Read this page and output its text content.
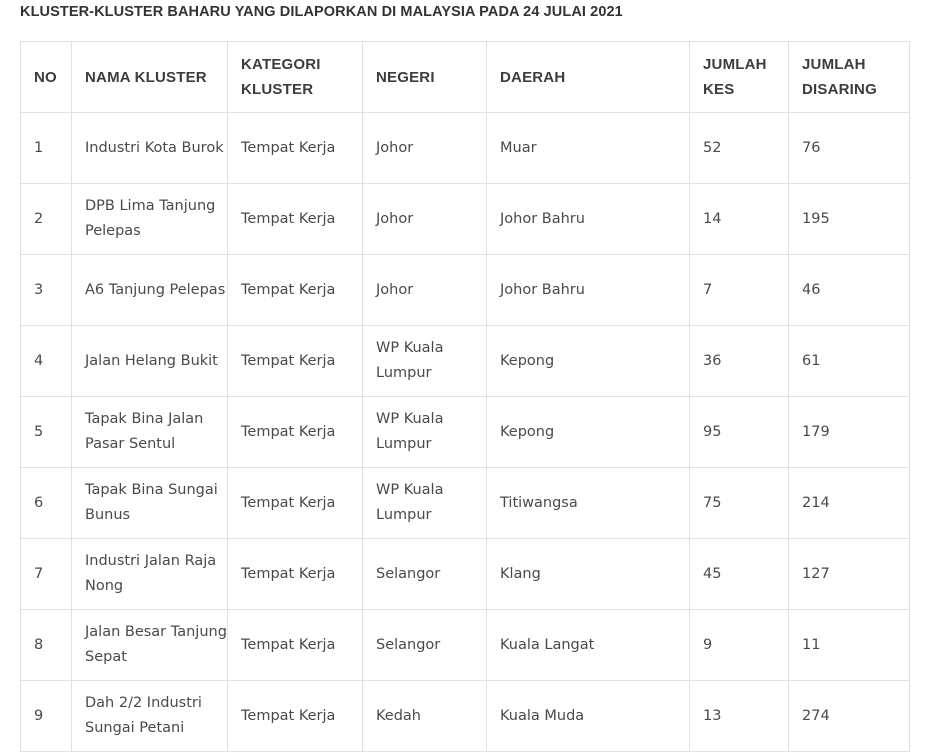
KLUSTER-KLUSTER BAHARU YANG DILAPORKAN DI MALAYSIA PADA 24 JULAI 2021
NO	NAMA KLUSTER	KATEGORI KLUSTER	NEGERI	DAERAH	JUMLAH KES	JUMLAH DISARING
1	Industri Kota Burok	Tempat Kerja	Johor	Muar	52	76
2	DPB Lima Tanjung Pelepas	Tempat Kerja	Johor	Johor Bahru	14	195
3	A6 Tanjung Pelepas	Tempat Kerja	Johor	Johor Bahru	7	46
4	Jalan Helang Bukit	Tempat Kerja	WP Kuala Lumpur	Kepong	36	61
5	Tapak Bina Jalan Pasar Sentul	Tempat Kerja	WP Kuala Lumpur	Kepong	95	179
6	Tapak Bina Sungai Bunus	Tempat Kerja	WP Kuala Lumpur	Titiwangsa	75	214
7	Industri Jalan Raja Nong	Tempat Kerja	Selangor	Klang	45	127
8	Jalan Besar Tanjung Sepat	Tempat Kerja	Selangor	Kuala Langat	9	11
9	Dah 2/2 Industri Sungai Petani	Tempat Kerja	Kedah	Kuala Muda	13	274
